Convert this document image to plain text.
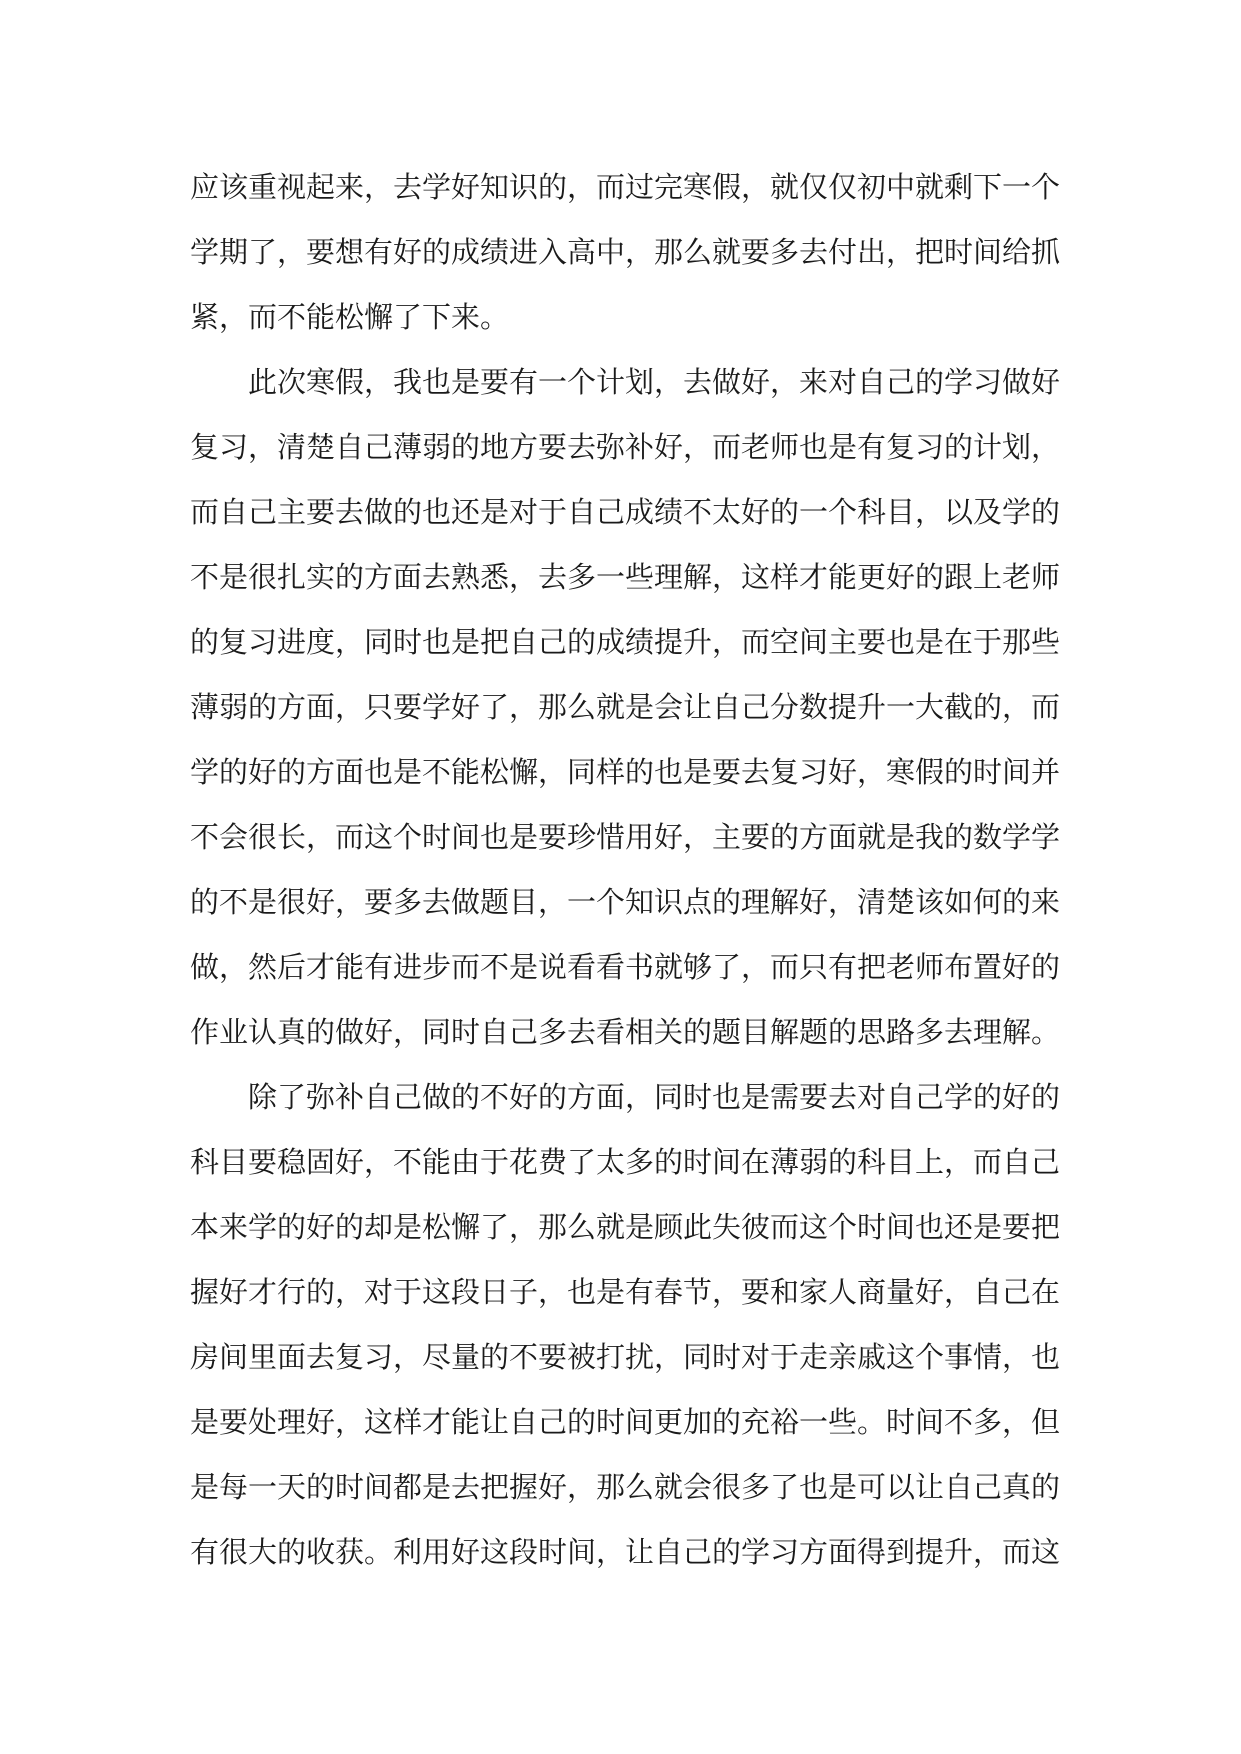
应该重视起来，去学好知识的，而过完寒假，就仅仅初中就剩下一个
学期了，要想有好的成绩进入高中，那么就要多去付出，把时间给抓
紧，而不能松懈了下来。
此次寒假，我也是要有一个计划，去做好，来对自己的学习做好
复习，清楚自己薄弱的地方要去弥补好，而老师也是有复习的计划，
而自己主要去做的也还是对于自己成绩不太好的一个科目，以及学的
不是很扎实的方面去熟悉，去多一些理解，这样才能更好的跟上老师
的复习进度，同时也是把自己的成绩提升，而空间主要也是在于那些
薄弱的方面，只要学好了，那么就是会让自己分数提升一大截的，而
学的好的方面也是不能松懈，同样的也是要去复习好，寒假的时间并
不会很长，而这个时间也是要珍惜用好，主要的方面就是我的数学学
的不是很好，要多去做题目，一个知识点的理解好，清楚该如何的来
做，然后才能有进步而不是说看看书就够了，而只有把老师布置好的
作业认真的做好，同时自己多去看相关的题目解题的思路多去理解。
除了弥补自己做的不好的方面，同时也是需要去对自己学的好的
科目要稳固好，不能由于花费了太多的时间在薄弱的科目上，而自己
本来学的好的却是松懈了，那么就是顾此失彼而这个时间也还是要把
握好才行的，对于这段日子，也是有春节，要和家人商量好，自己在
房间里面去复习，尽量的不要被打扰，同时对于走亲戚这个事情，也
是要处理好，这样才能让自己的时间更加的充裕一些。时间不多，但
是每一天的时间都是去把握好，那么就会很多了也是可以让自己真的
有很大的收获。利用好这段时间，让自己的学习方面得到提升，而这
